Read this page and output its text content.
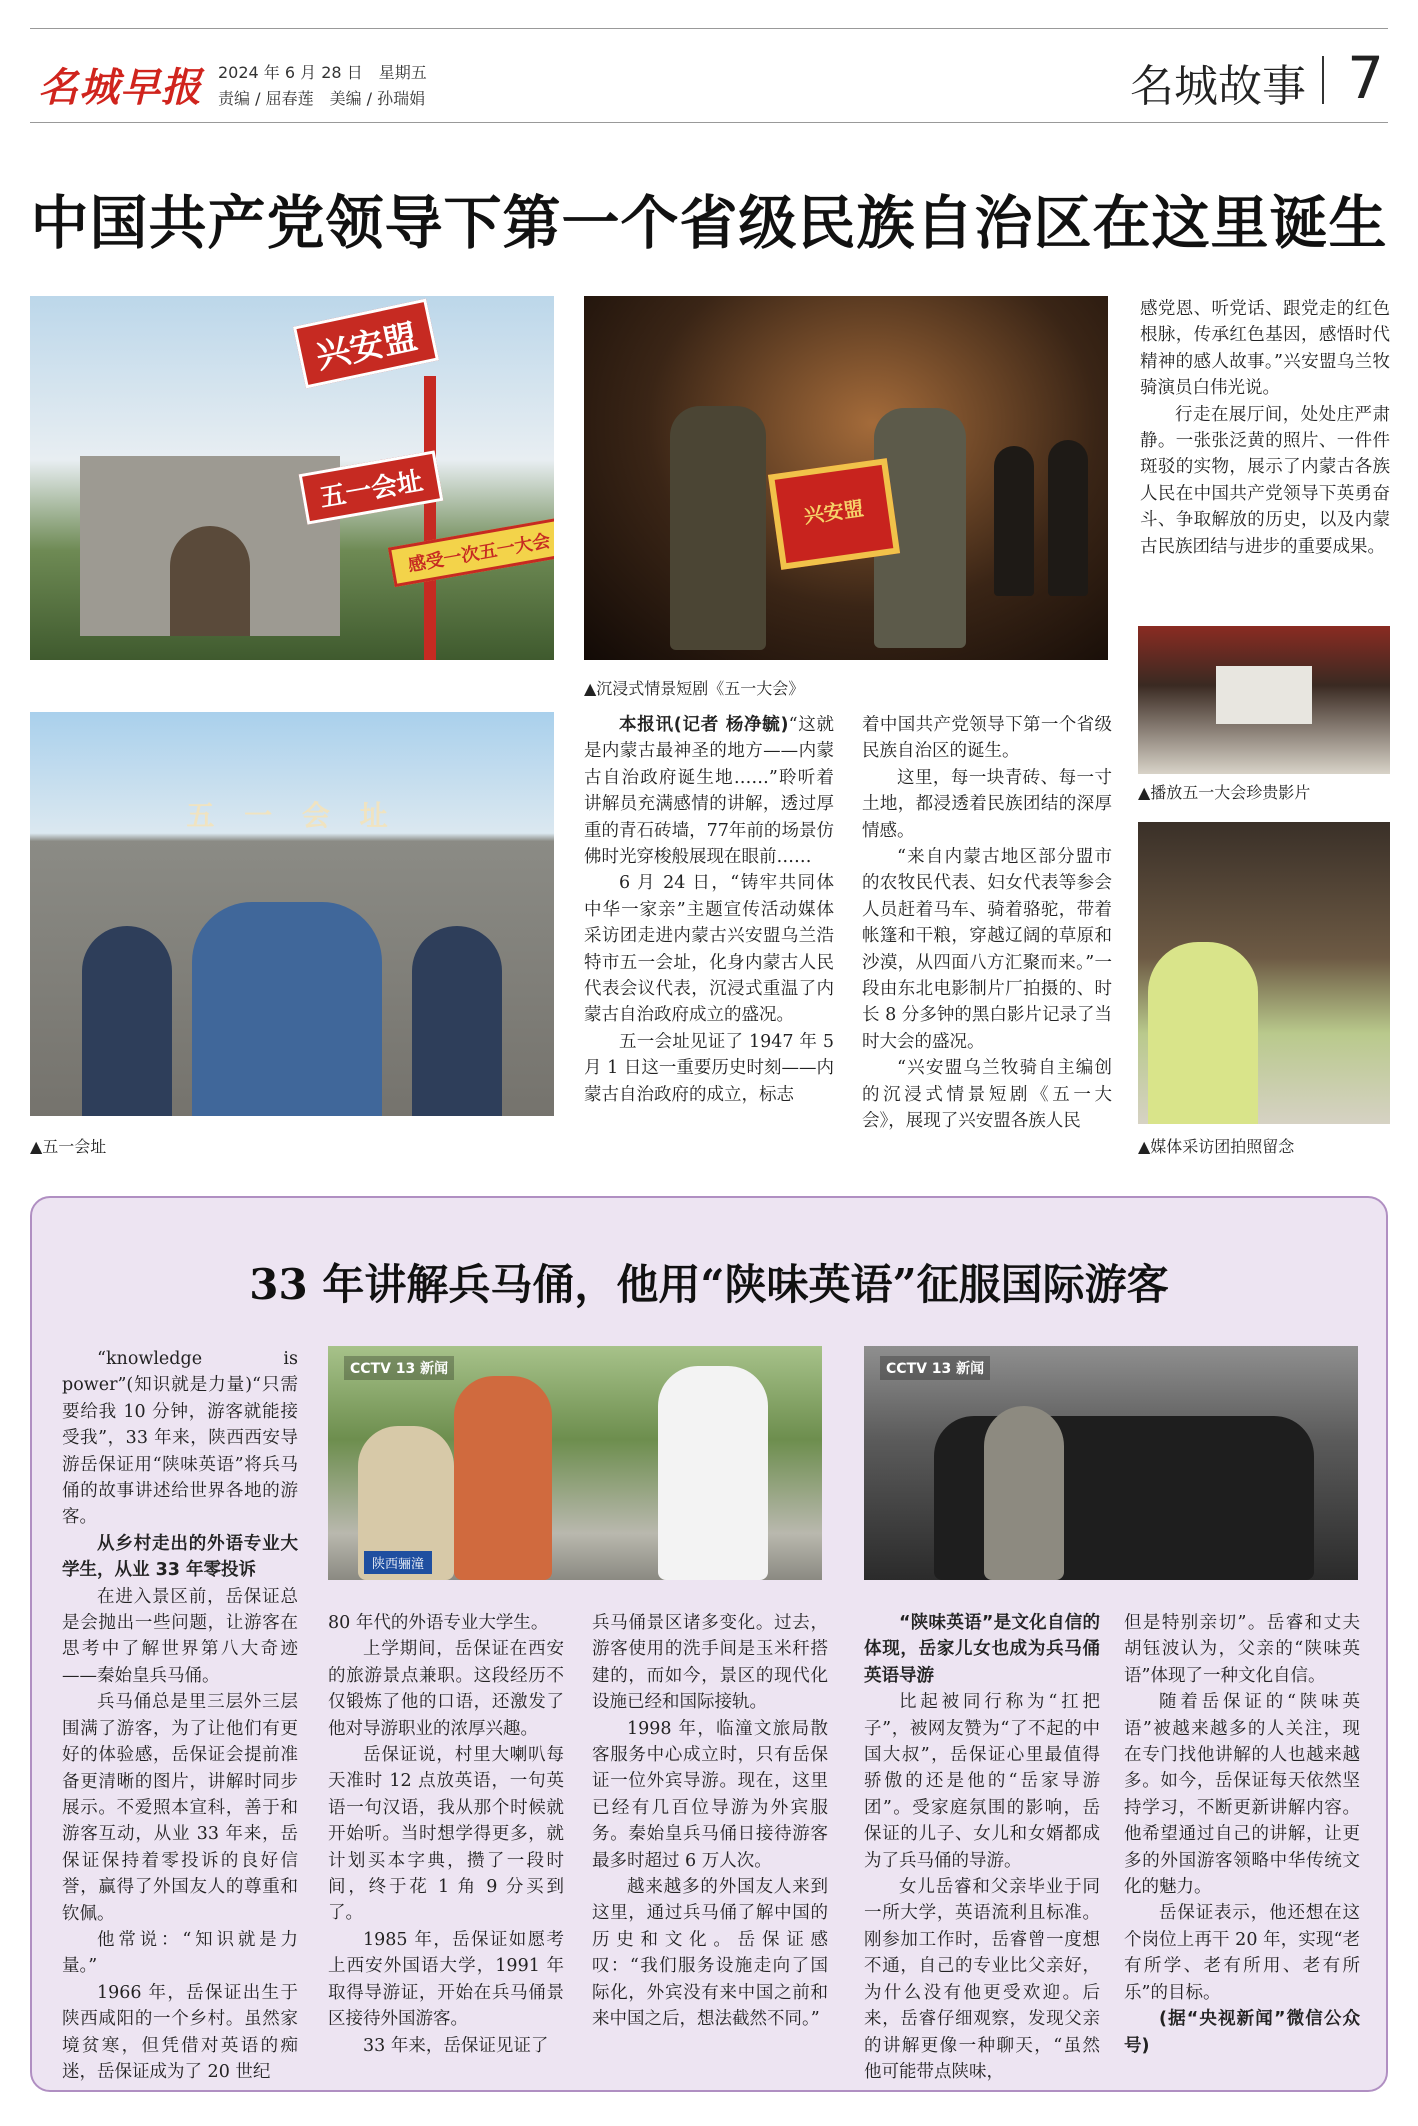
名城早报 2024 年 6 月 28 日　星期五
责编 / 屈春莲　美编 / 孙瑞娟	名城故事 7
中国共产党领导下第一个省级民族自治区在这里诞生
兴安盟
五一会址
感受一次五一大会
兴安盟
▲沉浸式情景短剧《五一大会》
五 一 会 址
▲五一会址
▲播放五一大会珍贵影片
▲媒体采访团拍照留念

本报讯(记者 杨净毓)“这就是内蒙古最神圣的地方——内蒙古自治政府诞生地……”聆听着讲解员充满感情的讲解，透过厚重的青石砖墙，77年前的场景仿佛时光穿梭般展现在眼前……

6 月 24 日，“铸牢共同体 中华一家亲”主题宣传活动媒体采访团走进内蒙古兴安盟乌兰浩特市五一会址，化身内蒙古人民代表会议代表，沉浸式重温了内蒙古自治政府成立的盛况。

五一会址见证了 1947 年 5 月 1 日这一重要历史时刻——内蒙古自治政府的成立，标志

着中国共产党领导下第一个省级民族自治区的诞生。

这里，每一块青砖、每一寸土地，都浸透着民族团结的深厚情感。

“来自内蒙古地区部分盟市的农牧民代表、妇女代表等参会人员赶着马车、骑着骆驼，带着帐篷和干粮，穿越辽阔的草原和沙漠，从四面八方汇聚而来。”一段由东北电影制片厂拍摄的、时长 8 分多钟的黑白影片记录了当时大会的盛况。

“兴安盟乌兰牧骑自主编创的沉浸式情景短剧《五一大会》，展现了兴安盟各族人民

感党恩、听党话、跟党走的红色根脉，传承红色基因，感悟时代精神的感人故事。”兴安盟乌兰牧骑演员白伟光说。

行走在展厅间，处处庄严肃静。一张张泛黄的照片、一件件斑驳的实物，展示了内蒙古各族人民在中国共产党领导下英勇奋斗、争取解放的历史，以及内蒙古民族团结与进步的重要成果。

33 年讲解兵马俑，他用“陕味英语”征服国际游客
CCTV 13 新闻
陕西骊潼
CCTV 13 新闻

“knowledge is power”(知识就是力量)“只需要给我 10 分钟，游客就能接受我”，33 年来，陕西西安导游岳保证用“陕味英语”将兵马俑的故事讲述给世界各地的游客。

从乡村走出的外语专业大学生，从业 33 年零投诉

在进入景区前，岳保证总是会抛出一些问题，让游客在思考中了解世界第八大奇迹——秦始皇兵马俑。

兵马俑总是里三层外三层围满了游客，为了让他们有更好的体验感，岳保证会提前准备更清晰的图片，讲解时同步展示。不爱照本宣科，善于和游客互动，从业 33 年来，岳保证保持着零投诉的良好信誉，赢得了外国友人的尊重和钦佩。

他常说：“知识就是力量。”

1966 年，岳保证出生于陕西咸阳的一个乡村。虽然家境贫寒，但凭借对英语的痴迷，岳保证成为了 20 世纪

80 年代的外语专业大学生。

上学期间，岳保证在西安的旅游景点兼职。这段经历不仅锻炼了他的口语，还激发了他对导游职业的浓厚兴趣。

岳保证说，村里大喇叭每天准时 12 点放英语，一句英语一句汉语，我从那个时候就开始听。当时想学得更多，就计划买本字典，攒了一段时间，终于花 1 角 9 分买到了。

1985 年，岳保证如愿考上西安外国语大学，1991 年取得导游证，开始在兵马俑景区接待外国游客。

33 年来，岳保证见证了

兵马俑景区诸多变化。过去，游客使用的洗手间是玉米秆搭建的，而如今，景区的现代化设施已经和国际接轨。

1998 年，临潼文旅局散客服务中心成立时，只有岳保证一位外宾导游。现在，这里已经有几百位导游为外宾服务。秦始皇兵马俑日接待游客最多时超过 6 万人次。

越来越多的外国友人来到这里，通过兵马俑了解中国的历史和文化。岳保证感叹：“我们服务设施走向了国际化，外宾没有来中国之前和来中国之后，想法截然不同。”

“陕味英语”是文化自信的体现，岳家儿女也成为兵马俑英语导游

比起被同行称为“扛把子”，被网友赞为“了不起的中国大叔”，岳保证心里最值得骄傲的还是他的“岳家导游团”。受家庭氛围的影响，岳保证的儿子、女儿和女婿都成为了兵马俑的导游。

女儿岳睿和父亲毕业于同一所大学，英语流利且标准。刚参加工作时，岳睿曾一度想不通，自己的专业比父亲好，为什么没有他更受欢迎。后来，岳睿仔细观察，发现父亲的讲解更像一种聊天，“虽然他可能带点陕味，

但是特别亲切”。岳睿和丈夫胡钰波认为，父亲的“陕味英语”体现了一种文化自信。

随着岳保证的“陕味英语”被越来越多的人关注，现在专门找他讲解的人也越来越多。如今，岳保证每天依然坚持学习，不断更新讲解内容。他希望通过自己的讲解，让更多的外国游客领略中华传统文化的魅力。

岳保证表示，他还想在这个岗位上再干 20 年，实现“老有所学、老有所用、老有所乐”的目标。

(据“央视新闻”微信公众号)
